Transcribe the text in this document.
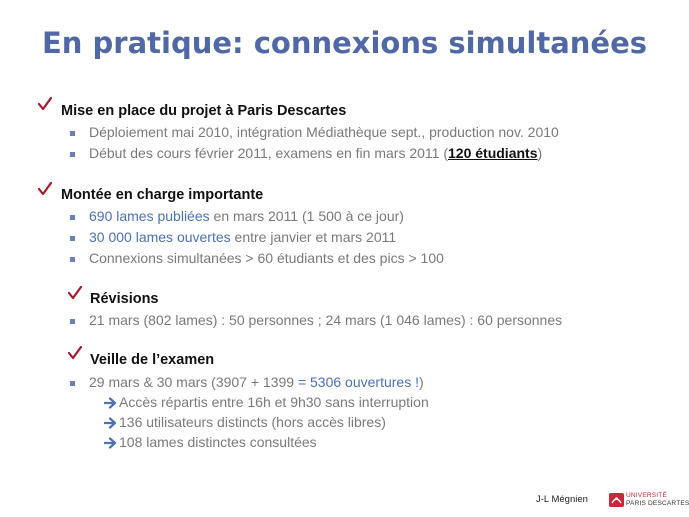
En pratique: connexions simultanées
Mise en place du projet à Paris Descartes
Déploiement mai 2010, intégration Médiathèque sept., production nov. 2010
Début des cours février 2011, examens en fin mars 2011 (120 étudiants)
Montée en charge importante
690 lames publiées en mars 2011 (1 500 à ce jour)
30 000 lames ouvertes entre janvier et mars 2011
Connexions simultanées > 60 étudiants et des pics > 100
Révisions
21 mars (802 lames) : 50 personnes ; 24 mars (1 046 lames) : 60 personnes
Veille de l’examen
29 mars & 30 mars (3907 + 1399 = 5306 ouvertures !)
Accès répartis entre 16h et 9h30 sans interruption
136 utilisateurs distincts (hors accès libres)
108 lames distinctes consultées
J-L Mégnien	UNIVERSITÉ
PARIS DESCARTES
